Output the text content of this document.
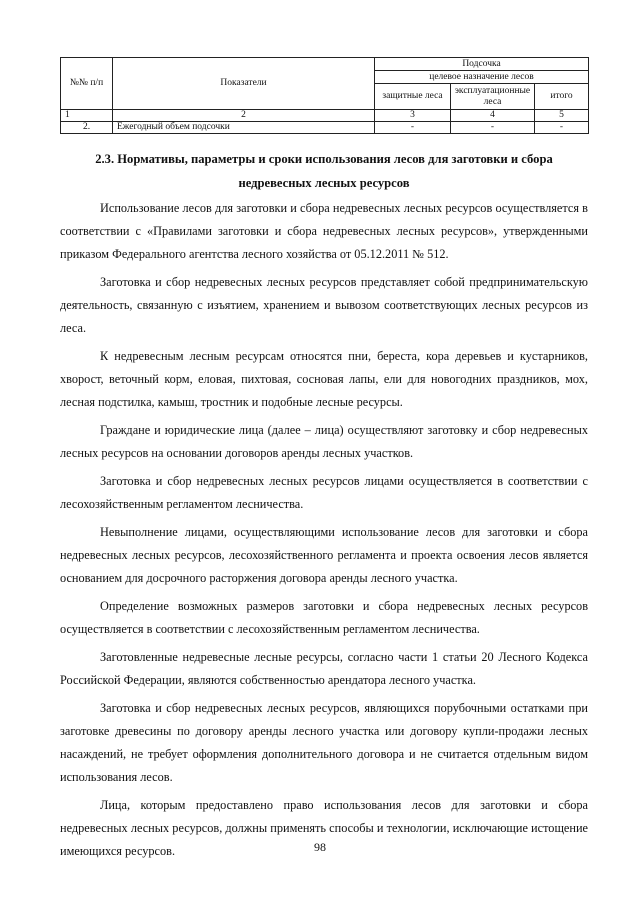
№№ п/п	Показатели	Подсочка		
		целевое назначение лесов		
		защитные леса	эксплуатационные леса	итого
1	2	3	4	5
2.	Ежегодный объем подсочки	-	-	-
2.3. Нормативы, параметры и сроки использования лесов для заготовки и сбора недревесных лесных ресурсов

Использование лесов для заготовки и сбора недревесных лесных ресурсов осуществляется в соответствии с «Правилами заготовки и сбора недревесных лесных ресурсов», утвержденными приказом Федерального агентства лесного хозяйства от 05.12.2011 № 512.

Заготовка и сбор недревесных лесных ресурсов представляет собой предпринимательскую деятельность, связанную с изъятием, хранением и вывозом соответствующих лесных ресурсов из леса.

К недревесным лесным ресурсам относятся пни, береста, кора деревьев и кустарников, хворост, веточный корм, еловая, пихтовая, сосновая лапы, ели для новогодних праздников, мох, лесная подстилка, камыш, тростник и подобные лесные ресурсы.

Граждане и юридические лица (далее – лица) осуществляют заготовку и сбор недревесных лесных ресурсов на основании договоров аренды лесных участков.

Заготовка и сбор недревесных лесных ресурсов лицами осуществляется в соответствии с лесохозяйственным регламентом лесничества.

Невыполнение лицами, осуществляющими использование лесов для заготовки и сбора недревесных лесных ресурсов, лесохозяйственного регламента и проекта освоения лесов является основанием для досрочного расторжения договора аренды лесного участка.

Определение возможных размеров заготовки и сбора недревесных лесных ресурсов осуществляется в соответствии с лесохозяйственным регламентом лесничества.

Заготовленные недревесные лесные ресурсы, согласно части 1 статьи 20 Лесного Кодекса Российской Федерации, являются собственностью арендатора лесного участка.

Заготовка и сбор недревесных лесных ресурсов, являющихся порубочными остатками при заготовке древесины по договору аренды лесного участка или договору купли-продажи лесных насаждений, не требует оформления дополнительного договора и не считается отдельным видом использования лесов.

Лица, которым предоставлено право использования лесов для заготовки и сбора недревесных лесных ресурсов, должны применять способы и технологии, исключающие истощение имеющихся ресурсов.	98
